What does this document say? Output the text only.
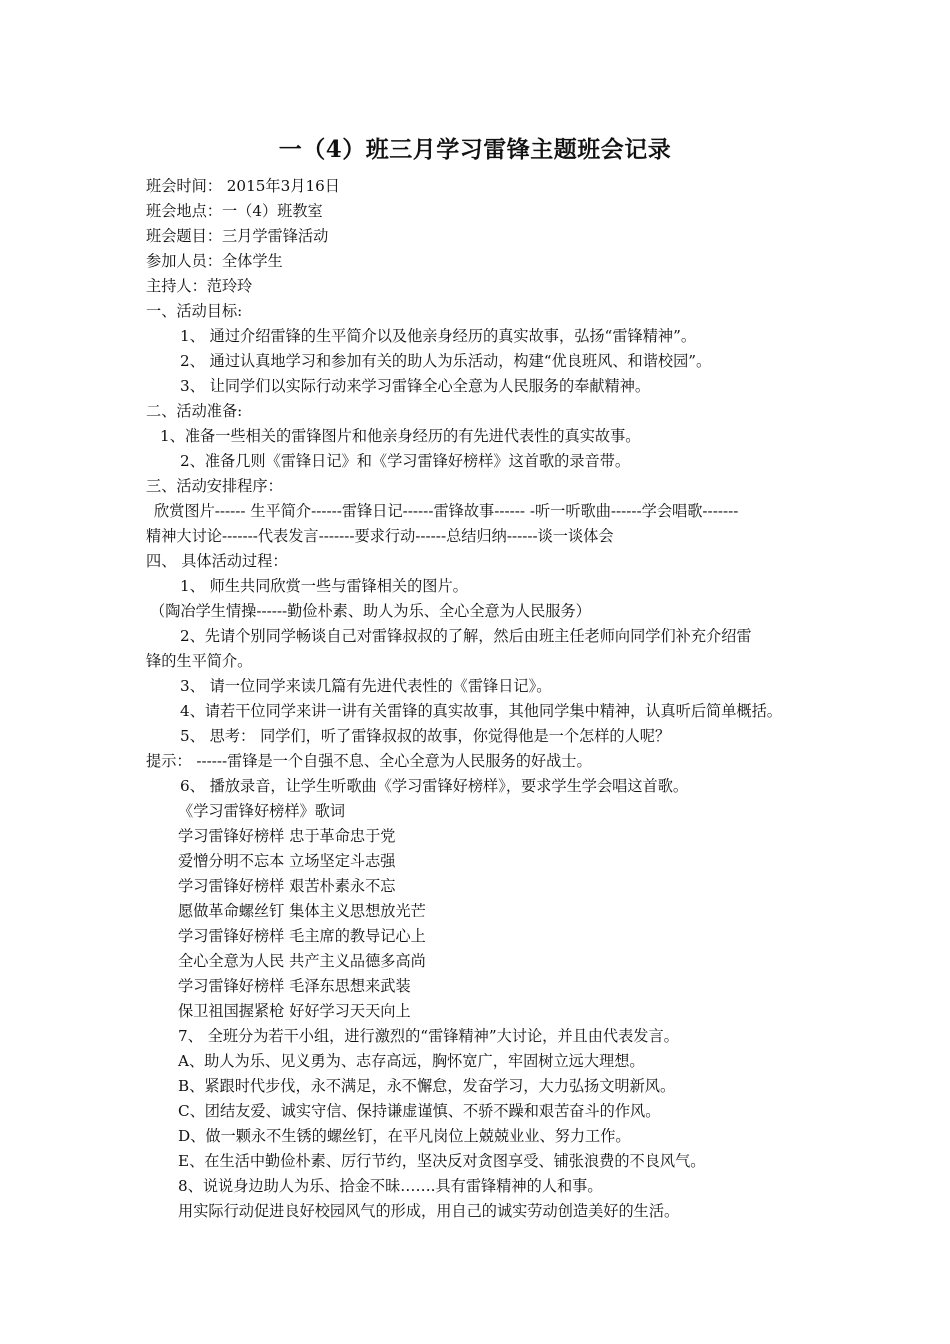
一（4）班三月学习雷锋主题班会记录
班会时间： 2015年3月16日
班会地点：一（4）班教室
班会题目：三月学雷锋活动
参加人员：全体学生
主持人：范玲玲
一、活动目标:
1、 通过介绍雷锋的生平简介以及他亲身经历的真实故事，弘扬“雷锋精神”。
2、 通过认真地学习和参加有关的助人为乐活动，构建“优良班风、和谐校园”。
3、 让同学们以实际行动来学习雷锋全心全意为人民服务的奉献精神。
二、活动准备:
1、准备一些相关的雷锋图片和他亲身经历的有先进代表性的真实故事。
2、准备几则《雷锋日记》和《学习雷锋好榜样》这首歌的录音带。
三、活动安排程序：
欣赏图片------ 生平简介------雷锋日记------雷锋故事------ -听一听歌曲------学会唱歌-------
精神大讨论-------代表发言-------要求行动------总结归纳------谈一谈体会
四、 具体活动过程：
1、 师生共同欣赏一些与雷锋相关的图片。
（陶冶学生情操------勤俭朴素、助人为乐、全心全意为人民服务）
2、先请个别同学畅谈自己对雷锋叔叔的了解，然后由班主任老师向同学们补充介绍雷
锋的生平简介。
3、 请一位同学来读几篇有先进代表性的《雷锋日记》。
4、请若干位同学来讲一讲有关雷锋的真实故事，其他同学集中精神，认真听后简单概括。
5、 思考： 同学们，听了雷锋叔叔的故事，你觉得他是一个怎样的人呢？
提示： ------雷锋是一个自强不息、全心全意为人民服务的好战士。
6、 播放录音，让学生听歌曲《学习雷锋好榜样》，要求学生学会唱这首歌。
《学习雷锋好榜样》歌词
学习雷锋好榜样 忠于革命忠于党
爱憎分明不忘本 立场坚定斗志强
学习雷锋好榜样 艰苦朴素永不忘
愿做革命螺丝钉 集体主义思想放光芒
学习雷锋好榜样 毛主席的教导记心上
全心全意为人民 共产主义品德多高尚
学习雷锋好榜样 毛泽东思想来武装
保卫祖国握紧枪 好好学习天天向上
7、 全班分为若干小组，进行激烈的“雷锋精神”大讨论，并且由代表发言。
A、助人为乐、见义勇为、志存高远，胸怀宽广，牢固树立远大理想。
B、紧跟时代步伐，永不满足，永不懈怠，发奋学习，大力弘扬文明新风。
C、团结友爱、诚实守信、保持谦虚谨慎、不骄不躁和艰苦奋斗的作风。
D、做一颗永不生锈的螺丝钉，在平凡岗位上兢兢业业、努力工作。
E、在生活中勤俭朴素、厉行节约，坚决反对贪图享受、铺张浪费的不良风气。
8、说说身边助人为乐、拾金不昧…….具有雷锋精神的人和事。
用实际行动促进良好校园风气的形成，用自己的诚实劳动创造美好的生活。
